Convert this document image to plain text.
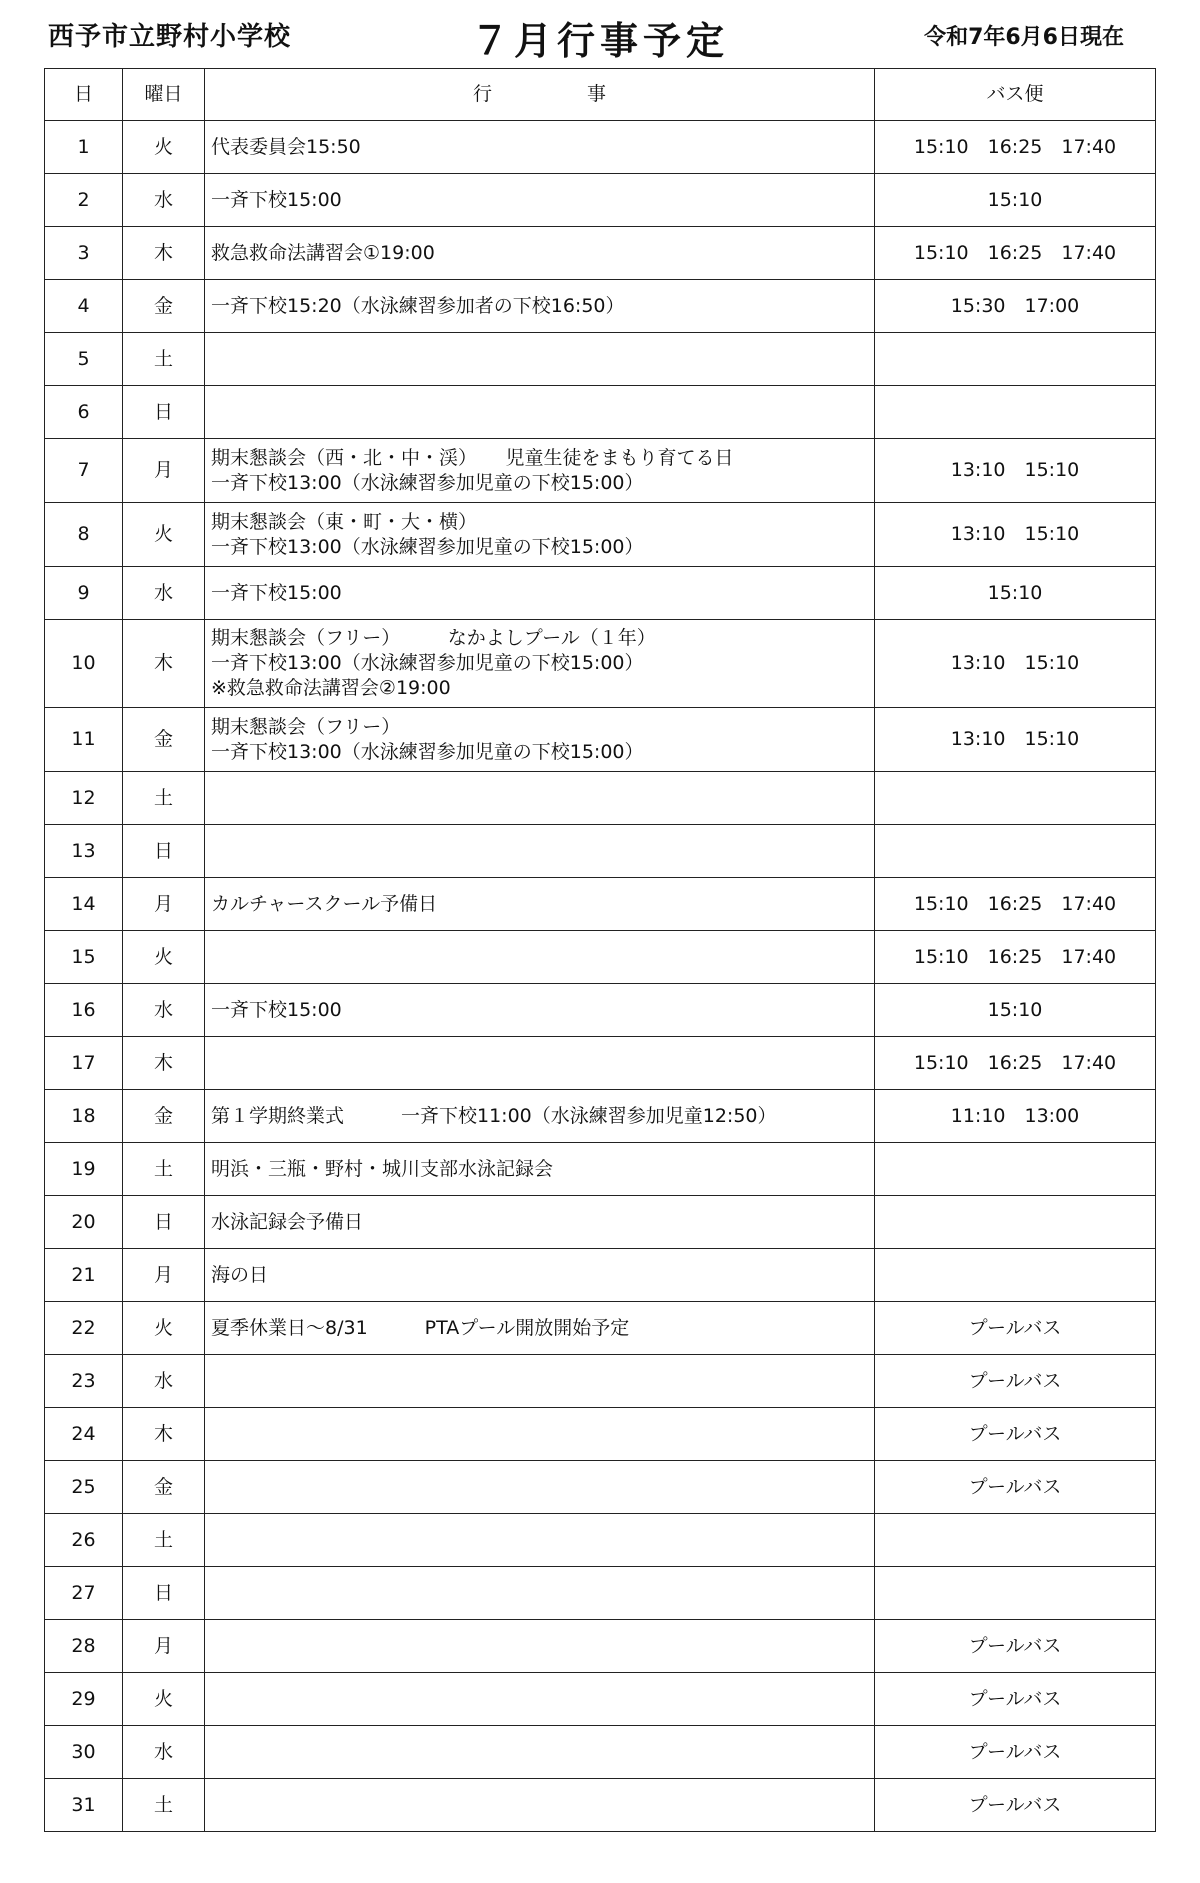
西予市立野村小学校	７月行事予定	令和7年6月6日現在
日	曜日	行　　　　　事	バス便
1	火	代表委員会15:50	15:10　16:25　17:40
2	水	一斉下校15:00	15:10
3	木	救急救命法講習会①19:00	15:10　16:25　17:40
4	金	一斉下校15:20（水泳練習参加者の下校16:50）	15:30　17:00
5	土		
6	日		
7	月	期末懇談会（西・北・中・渓）　　児童生徒をまもり育てる日
一斉下校13:00（水泳練習参加児童の下校15:00）	13:10　15:10
8	火	期末懇談会（東・町・大・横）
一斉下校13:00（水泳練習参加児童の下校15:00）	13:10　15:10
9	水	一斉下校15:00	15:10
10	木	期末懇談会（フリー）　　　なかよしプール（１年）
一斉下校13:00（水泳練習参加児童の下校15:00）
※救急救命法講習会②19:00	13:10　15:10
11	金	期末懇談会（フリー）
一斉下校13:00（水泳練習参加児童の下校15:00）	13:10　15:10
12	土		
13	日		
14	月	カルチャースクール予備日	15:10　16:25　17:40
15	火		15:10　16:25　17:40
16	水	一斉下校15:00	15:10
17	木		15:10　16:25　17:40
18	金	第１学期終業式　　　一斉下校11:00（水泳練習参加児童12:50）	11:10　13:00
19	土	明浜・三瓶・野村・城川支部水泳記録会	

20	日	水泳記録会予備日	

21	月	海の日	

22	火	夏季休業日～8/31　　　PTAプール開放開始予定	プールバス
23	水		プールバス
24	木		プールバス
25	金		プールバス
26	土		
27	日		
28	月		プールバス
29	火		プールバス
30	水		プールバス
31	土		プールバス
